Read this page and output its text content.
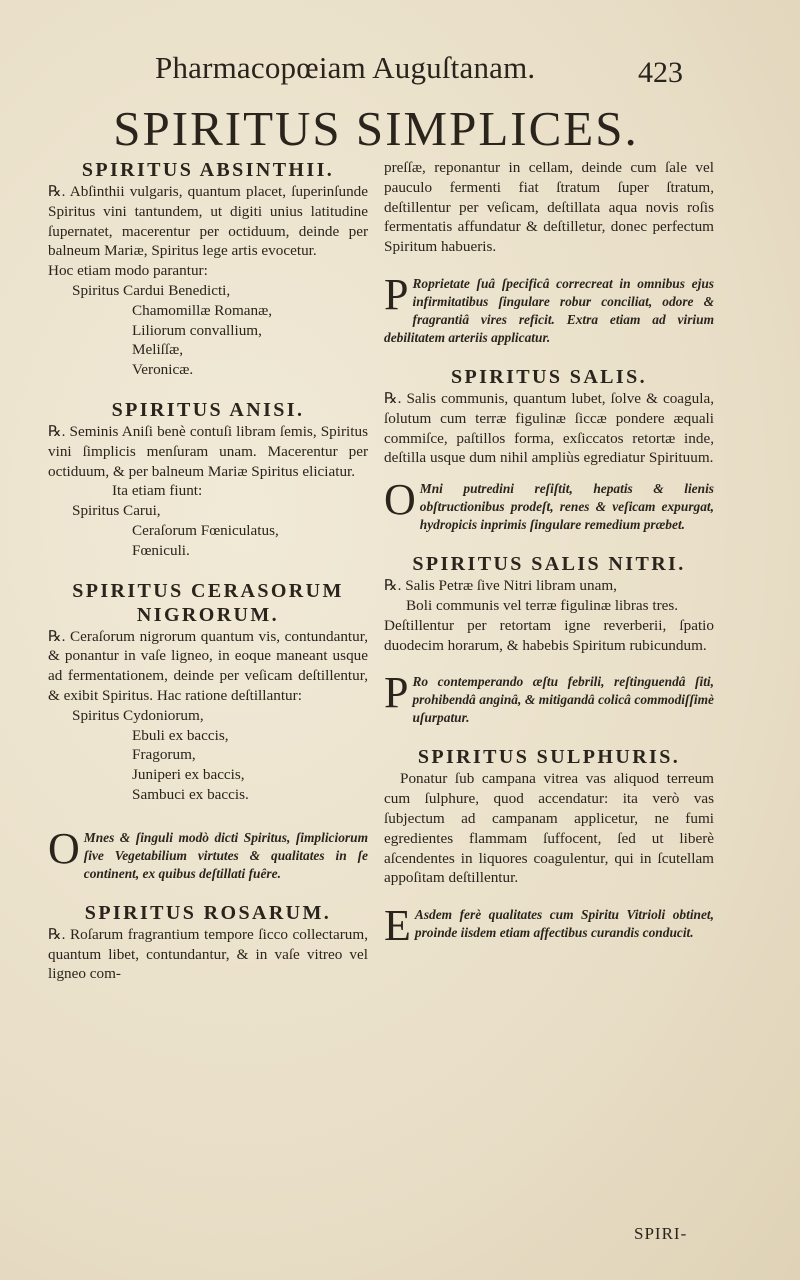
Pharmacopœiam Auguſtanam.	423
SPIRITUS SIMPLICES.
SPIRITUS ABSINTHII.

℞. Abſinthii vulgaris, quantum placet, ſuperinſunde Spiritus vini tantundem, ut digiti unius latitudine ſupernatet, macerentur per octiduum, deinde per balneum Mariæ, Spiritus lege artis evocetur.

Hoc etiam modo parantur:

Spiritus Cardui Benedicti,
Chamomillæ Romanæ,
Liliorum convallium,
Meliſſæ,
Veronicæ.
SPIRITUS ANISI.

℞. Seminis Aniſi benè contuſi libram ſemis, Spiritus vini ſimplicis menſuram unam. Macerentur per octiduum, & per balneum Mariæ Spiritus eliciatur.

Ita etiam fiunt:

Spiritus Carui,
Ceraſorum Fœniculatus,
Fœniculi.
SPIRITUS CERASORUM NIGRORUM.

℞. Ceraſorum nigrorum quantum vis, contundantur, & ponantur in vaſe ligneo, in eoque maneant usque ad fermentationem, deinde per veſicam deſtillentur, & exibit Spiritus. Hac ratione deſtillantur:

Spiritus Cydoniorum,
Ebuli ex baccis,
Fragorum,
Juniperi ex baccis,
Sambuci ex baccis.

O Mnes & ſinguli modò dicti Spiritus, ſimpliciorum ſive Vegetabilium virtutes & qualitates in ſe continent, ex quibus deſtillati fuêre.

SPIRITUS ROSARUM.

℞. Roſarum fragrantium tempore ſicco collectarum, quantum libet, contundantur, & in vaſe vitreo vel ligneo com-

preſſæ, reponantur in cellam, deinde cum ſale vel pauculo fermenti fiat ſtratum ſuper ſtratum, deſtillentur per veſicam, deſtillata aqua novis roſis fermentatis affundatur & deſtilletur, donec perfectum Spiritum habueris.

P Roprietate ſuâ ſpecificâ correcreat in omnibus ejus infirmitatibus ſingulare robur conciliat, odore & fragrantiâ vires reficit. Extra etiam ad virium debilitatem arteriis applicatur.

SPIRITUS SALIS.

℞. Salis communis, quantum lubet, ſolve & coagula, ſolutum cum terræ figulinæ ſiccæ pondere æquali commiſce, paſtillos forma, exſiccatos retortæ inde, deſtilla usque dum nihil ampliùs egrediatur Spirituum.

O Mni putredini reſiſtit, hepatis & lienis obſtructionibus prodeſt, renes & veſicam expurgat, hydropicis inprimis ſingulare remedium præbet.

SPIRITUS SALIS NITRI.

℞. Salis Petræ ſive Nitri libram unam,

Boli communis vel terræ figulinæ libras tres.

Deſtillentur per retortam igne reverberii, ſpatio duodecim horarum, & habebis Spiritum rubicundum.

P Ro contemperando æſtu febrili, reſtinguendâ ſiti, prohibendâ anginâ, & mitigandâ colicâ commodiſſimè uſurpatur.

SPIRITUS SULPHURIS.

Ponatur ſub campana vitrea vas aliquod terreum cum ſulphure, quod accendatur: ita verò vas ſubjectum ad campanam applicetur, ne fumi egredientes flammam ſuffocent, ſed ut liberè aſcendentes in liquores coagulentur, qui in ſcutellam appoſitam deſtillentur.

E Asdem ferè qualitates cum Spiritu Vitrioli obtinet, proinde iisdem etiam affectibus curandis conducit.

SPIRI-
